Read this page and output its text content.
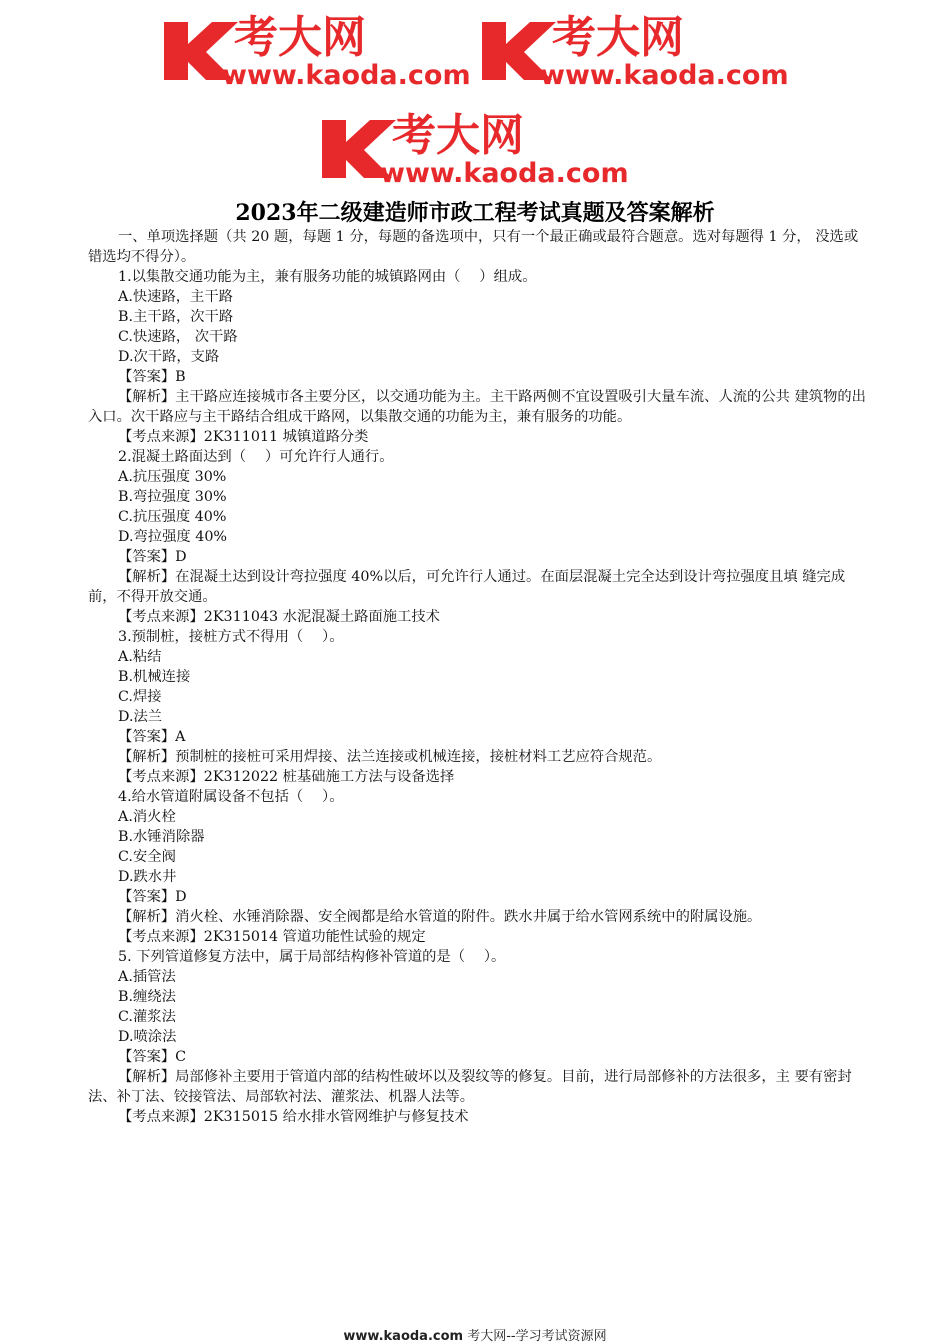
考大网
www.kaoda.com
考大网
www.kaoda.com
考大网
www.kaoda.com
2023年二级建造师市政工程考试真题及答案解析
一、单项选择题（共 20 题，每题 1 分，每题的备选项中，只有一个最正确或最符合题意。选对每题得 1 分， 没选或错选均不得分）。
1.以集散交通功能为主，兼有服务功能的城镇路网由（　 ）组成。
A.快速路，主干路
B.主干路，次干路
C.快速路， 次干路
D.次干路，支路
【答案】B
【解析】主干路应连接城市各主要分区，以交通功能为主。主干路两侧不宜设置吸引大量车流、人流的公共 建筑物的出入口。次干路应与主干路结合组成干路网，以集散交通的功能为主，兼有服务的功能。
【考点来源】2K311011 城镇道路分类
2.混凝土路面达到（　 ）可允许行人通行。
A.抗压强度 30%
B.弯拉强度 30%
C.抗压强度 40%
D.弯拉强度 40%
【答案】D
【解析】在混凝土达到设计弯拉强度 40%以后，可允许行人通过。在面层混凝土完全达到设计弯拉强度且填 缝完成前，不得开放交通。
【考点来源】2K311043 水泥混凝土路面施工技术
3.预制桩，接桩方式不得用（　 ）。
A.粘结
B.机械连接
C.焊接
D.法兰
【答案】A
【解析】预制桩的接桩可采用焊接、法兰连接或机械连接，接桩材料工艺应符合规范。
【考点来源】2K312022 桩基础施工方法与设备选择
4.给水管道附属设备不包括（　 ）。
A.消火栓
B.水锤消除器
C.安全阀
D.跌水井
【答案】D
【解析】消火栓、水锤消除器、安全阀都是给水管道的附件。跌水井属于给水管网系统中的附属设施。
【考点来源】2K315014 管道功能性试验的规定
5. 下列管道修复方法中，属于局部结构修补管道的是（　 ）。
A.插管法
B.缠绕法
C.灌浆法
D.喷涂法
【答案】C
【解析】局部修补主要用于管道内部的结构性破坏以及裂纹等的修复。目前，进行局部修补的方法很多，主 要有密封法、补丁法、铰接管法、局部软衬法、灌浆法、机器人法等。
【考点来源】2K315015 给水排水管网维护与修复技术
www.kaoda.com 考大网--学习考试资源网
